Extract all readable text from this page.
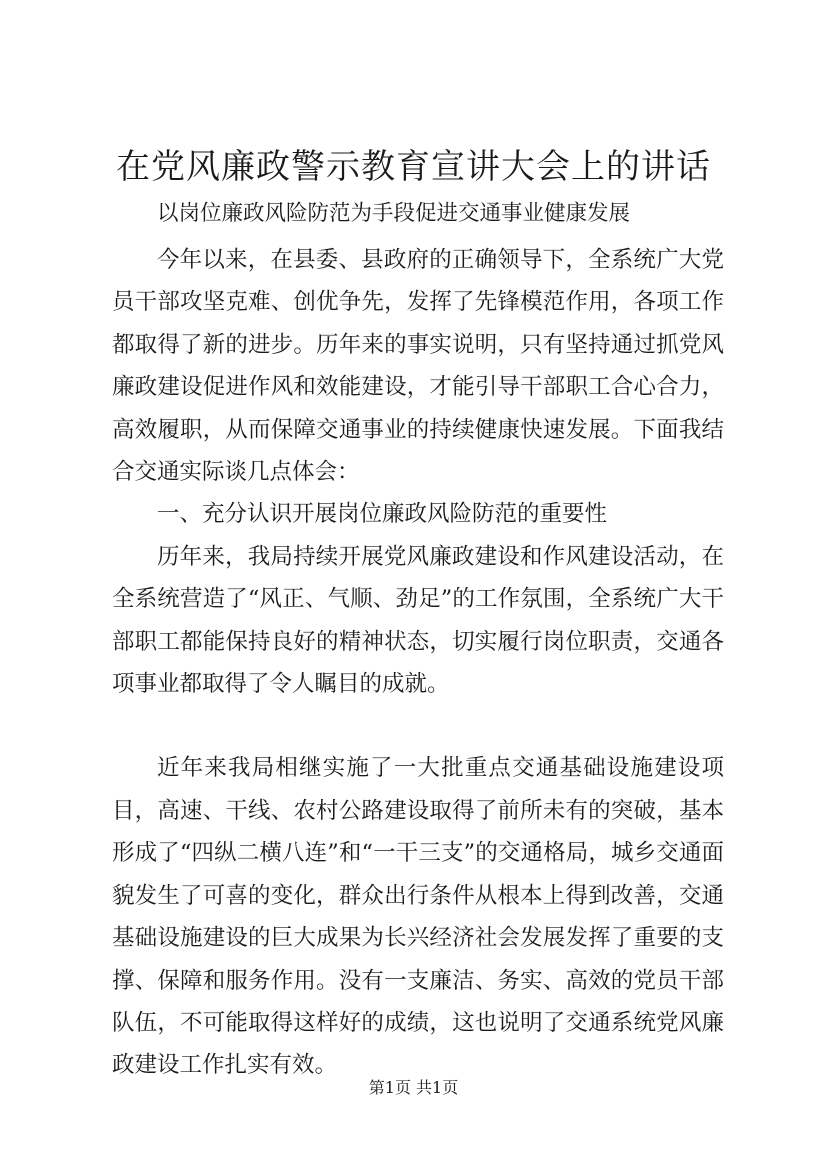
在党风廉政警示教育宣讲大会上的讲话

以岗位廉政风险防范为手段促进交通事业健康发展

今年以来，在县委、县政府的正确领导下，全系统广大党员干部攻坚克难、创优争先，发挥了先锋模范作用，各项工作都取得了新的进步。历年来的事实说明，只有坚持通过抓党风廉政建设促进作风和效能建设，才能引导干部职工合心合力，高效履职，从而保障交通事业的持续健康快速发展。下面我结合交通实际谈几点体会：

一、充分认识开展岗位廉政风险防范的重要性

历年来，我局持续开展党风廉政建设和作风建设活动，在全系统营造了“风正、气顺、劲足”的工作氛围，全系统广大干部职工都能保持良好的精神状态，切实履行岗位职责，交通各项事业都取得了令人瞩目的成就。

近年来我局相继实施了一大批重点交通基础设施建设项目，高速、干线、农村公路建设取得了前所未有的突破，基本形成了“四纵二横八连”和“一干三支”的交通格局，城乡交通面貌发生了可喜的变化，群众出行条件从根本上得到改善，交通基础设施建设的巨大成果为长兴经济社会发展发挥了重要的支撑、保障和服务作用。没有一支廉洁、务实、高效的党员干部队伍，不可能取得这样好的成绩，这也说明了交通系统党风廉政建设工作扎实有效。

第1页 共1页
